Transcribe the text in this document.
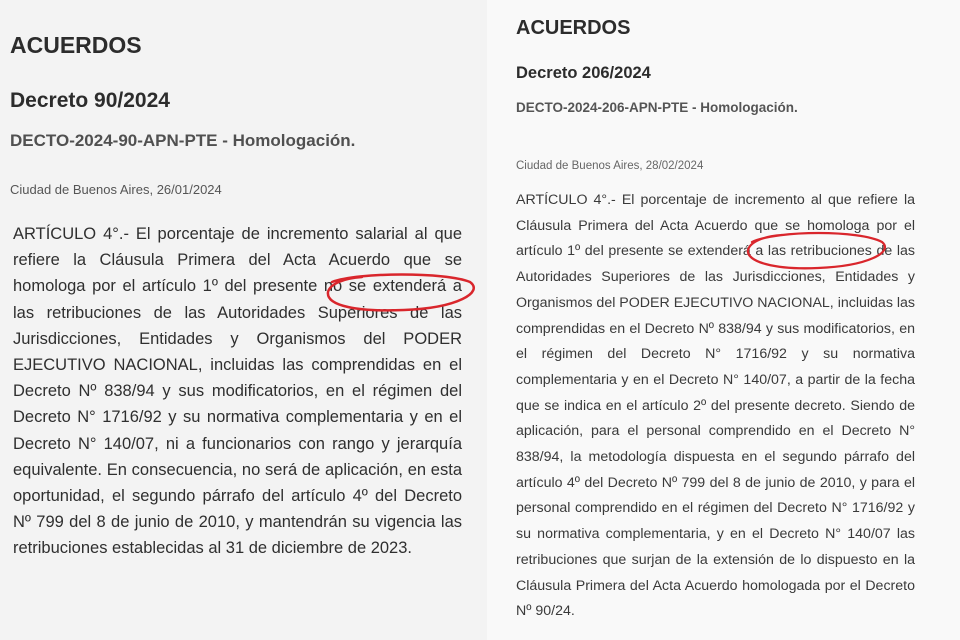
ACUERDOS
Decreto 90/2024
DECTO-2024-90-APN-PTE - Homologación.
Ciudad de Buenos Aires, 26/01/2024

ARTÍCULO 4°.- El porcentaje de incremento salarial al que refiere la Cláusula Primera del Acta Acuerdo que se homologa por el artículo 1º del presente no se extenderá a las retribuciones de las Autoridades Superiores de las Jurisdicciones, Entidades y Organismos del PODER EJECUTIVO NACIONAL, incluidas las comprendidas en el Decreto Nº 838/94 y sus modificatorios, en el régimen del Decreto N° 1716/92 y su normativa complementaria y en el Decreto N° 140/07, ni a funcionarios con rango y jerarquía equivalente. En consecuencia, no será de aplicación, en esta oportunidad, el segundo párrafo del artículo 4º del Decreto Nº 799 del 8 de junio de 2010, y mantendrán su vigencia las retribuciones establecidas al 31 de diciembre de 2023.

ACUERDOS
Decreto 206/2024
DECTO-2024-206-APN-PTE - Homologación.
Ciudad de Buenos Aires, 28/02/2024

ARTÍCULO 4°.- El porcentaje de incremento al que refiere la Cláusula Primera del Acta Acuerdo que se homologa por el artículo 1º del presente se extenderá a las retribuciones de las Autoridades Superiores de las Jurisdicciones, Entidades y Organismos del PODER EJECUTIVO NACIONAL, incluidas las comprendidas en el Decreto Nº 838/94 y sus modificatorios, en el régimen del Decreto N° 1716/92 y su normativa complementaria y en el Decreto N° 140/07, a partir de la fecha que se indica en el artículo 2º del presente decreto. Siendo de aplicación, para el personal comprendido en el Decreto N° 838/94, la metodología dispuesta en el segundo párrafo del artículo 4º del Decreto Nº 799 del 8 de junio de 2010, y para el personal comprendido en el régimen del Decreto N° 1716/92 y su normativa complementaria, y en el Decreto N° 140/07 las retribuciones que surjan de la extensión de lo dispuesto en la Cláusula Primera del Acta Acuerdo homologada por el Decreto Nº 90/24.
